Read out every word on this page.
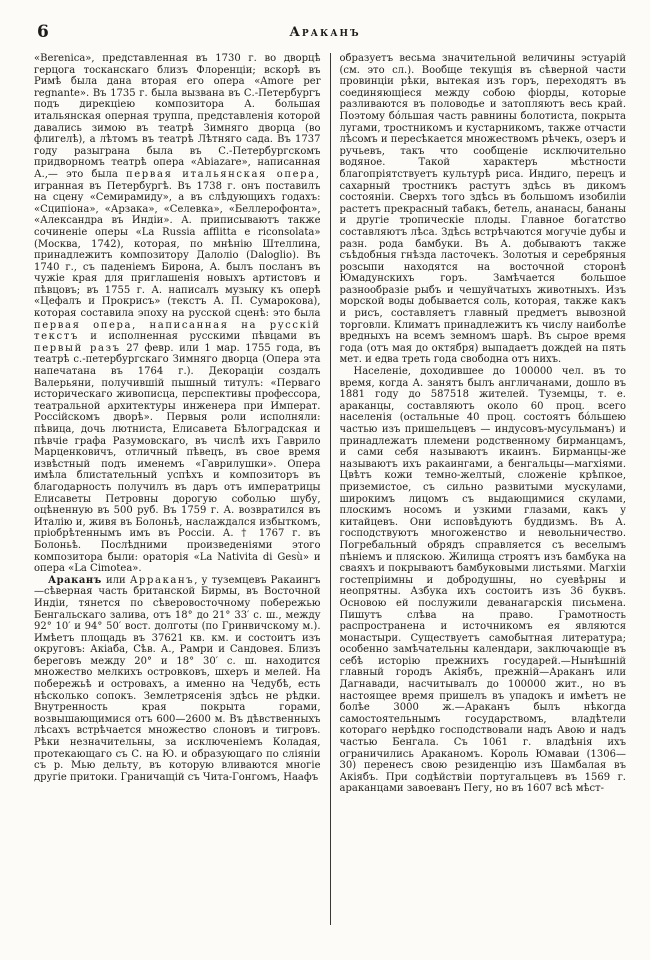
6	Араканъ

«Berenica», представленная въ 1730 г. во дворцѣ герцога тосканскаго близъ Флоренціи; вскорѣ въ Римѣ была дана вторая его опера «Amore per regnante». Въ 1735 г. была вызвана въ С.-Петербургъ подъ дирекціею композитора А. большая итальянская оперная труппа, представленія которой давались зимою въ театрѣ Зимняго дворца (во флигелѣ), а лѣтомъ въ театрѣ Лѣтняго сада. Въ 1737 году разыграна была въ С.-Петербургскомъ придворномъ театрѣ опера «Abiazare», написанная А.,— это была первая итальянская опера, игранная въ Петербургѣ. Въ 1738 г. онъ поставилъ на сцену «Семирамиду», а въ слѣдующихъ годахъ: «Сципіона», «Арзака», «Селевка», «Беллерофонта», «Александра въ Индіи». А. приписываютъ также сочиненіе оперы «La Russia afflitta e riconsolata» (Москва, 1742), которая, по мнѣнію Штеллина, принадлежитъ композитору Далоліо (Daloglio). Въ 1740 г., съ паденіемъ Бирона, А. былъ посланъ въ чужіе края для приглашенія новыхъ артистовъ и пѣвцовъ; въ 1755 г. А. написалъ музыку къ оперѣ «Цефалъ и Прокрисъ» (текстъ А. П. Сумарокова), которая составила эпоху на русской сценѣ: это была первая опера, написанная на русскій текстъ и исполненная русскими пѣвцами въ первый разъ 27 февр. или 1 мар. 1755 года, въ театрѣ с.-петербургскаго Зимняго дворца (Опера эта напечатана въ 1764 г.). Декораціи создалъ Валерьяни, получившій пышный титулъ: «Перваго историческаго живописца, перспективы профессора, театральной архитектуры инженера при Императ. Россійскомъ дворѣ». Первыя роли исполняли: пѣвица, дочь лютниста, Елисавета Бѣлоградская и пѣвчіе графа Разумовскаго, въ числѣ ихъ Гаврило Марценковичъ, отличный пѣвецъ, въ свое время извѣстный подъ именемъ «Гаврилушки». Опера имѣла блистательный успѣхъ и композиторъ въ благодарность получилъ въ даръ отъ императрицы Елисаветы Петровны дорогую соболью шубу, оцѣненную въ 500 руб. Въ 1759 г. А. возвратился въ Италію и, живя въ Болоньѣ, наслаждался избыткомъ, пріобрѣтеннымъ имъ въ Россіи. А. † 1767 г. въ Болоньѣ. Послѣдними произведеніями этого композитора были: ораторія «La Nativita di Gesù» и опера «La Cimotea».

Араканъ или Арраканъ, у туземцевъ Ракаингъ—сѣверная часть британской Бирмы, въ Восточной Индіи, тянется по сѣверовосточному побережью Бенгальскаго залива, отъ 18° до 21° 33′ с. ш., между 92° 10′ и 94° 50′ вост. долготы (по Гринвичскому м.). Имѣетъ площадь въ 37621 кв. км. и состоитъ изъ округовъ: Акіаба, Сѣв. А., Рамри и Сандовея. Близъ береговъ между 20° и 18° 30′ с. ш. находится множество мелкихъ островковъ, шхеръ и мелей. На побережьѣ и островахъ, а именно на Чедубѣ, есть нѣсколько сопокъ. Землетрясенія здѣсь не рѣдки. Внутренность края покрыта горами, возвышающимися отъ 600—2600 м. Въ дѣвственныхъ лѣсахъ встрѣчается множество слоновъ и тигровъ. Рѣки незначительны, за исключеніемъ Коладая, протекающаго съ С. на Ю. и образующаго по сліяніи съ р. Мью дельту, въ которую вливаются многіе другіе притоки. Граничащій съ Чита-Гонгомъ, Наафъ

образуетъ весьма значительной величины эстуарій (см. это сл.). Вообще текущія въ сѣверной части провинціи рѣки, вытекая изъ горъ, переходятъ въ соединяющіеся между собою фіорды, которые разливаются въ половодье и затопляютъ весь край. Поэтому бо́льшая часть равнины болотиста, покрыта лугами, тростникомъ и кустарникомъ, также отчасти лѣсомъ и пересѣкается множествомъ рѣчекъ, озеръ и ручьевъ, такъ что сообщеніе исключительно водяное. Такой характеръ мѣстности благопріятствуетъ культурѣ риса. Индиго, перецъ и сахарный тростникъ растутъ здѣсь въ дикомъ состояніи. Сверхъ того здѣсь въ большомъ изобиліи растетъ прекрасный табакъ, бетель, ананасы, бананы и другіе тропическіе плоды. Главное богатство составляютъ лѣса. Здѣсь встрѣчаются могучіе дубы и разн. рода бамбуки. Въ А. добываютъ также съѣдобныя гнѣзда ласточекъ. Золотыя и серебряныя розсыпи находятся на восточной сторонѣ Юмадунскихъ горъ. Замѣчается большое разнообразіе рыбъ и чешуйчатыхъ животныхъ. Изъ морской воды добывается соль, которая, также какъ и рисъ, составляетъ главный предметъ вывозной торговли. Климатъ принадлежитъ къ числу наиболѣе вредныхъ на всемъ земномъ шарѣ. Въ сырое время года (отъ мая до октября) выпадаетъ дождей на пять мет. и едва треть года свободна отъ нихъ.

Населеніе, доходившее до 100000 чел. въ то время, когда А. занятъ былъ англичанами, дошло въ 1881 году до 587518 жителей. Туземцы, т. е. араканцы, составляютъ около 60 проц. всего населенія (остальные 40 проц. состоятъ бо́льшею частью изъ пришельцевъ — индусовъ-мусульманъ) и принадлежатъ племени родственному бирманцамъ, и сами себя называютъ икаинъ. Бирманцы-же называютъ ихъ ракаингами, а бенгальцы—магхіями. Цвѣтъ кожи темно-желтый, сложеніе крѣпкое, приземистое, съ сильно развитыми мускулами, широкимъ лицомъ съ выдающимися скулами, плоскимъ носомъ и узкими глазами, какъ у китайцевъ. Они исповѣдуютъ буддизмъ. Въ А. господствуютъ многоженство и невольничество. Погребальный обрядъ справляется съ веселымъ пѣніемъ и пляскою. Жилища строятъ изъ бамбука на сваяхъ и покрываютъ бамбуковыми листьями. Магхіи гостепріимны и добродушны, но суевѣрны и неопрятны. Азбука ихъ состоитъ изъ 36 буквъ. Основою ей послужили деванагарскія письмена. Пишутъ слѣва на право. Грамотность распространена и источникомъ ея являются монастыри. Существуетъ самобытная литература; особенно замѣчательны календари, заключающіе въ себѣ исторію прежнихъ государей.—Нынѣшній главный городъ Акіябъ, прежній—Араканъ или Дагнавади, насчитывалъ до 100000 жит., но въ настоящее время пришелъ въ упадокъ и имѣетъ не болѣе 3000 ж.—Араканъ былъ нѣкогда самостоятельнымъ государствомъ, владѣтели котораго нерѣдко господствовали надъ Авою и надъ частью Бенгала. Съ 1061 г. владѣнія ихъ ограничились Араканомъ. Король Юмаваи (1306—30) перенесъ свою резиденцію изъ Шамбалая въ Акіябъ. При содѣйствіи португальцевъ въ 1569 г. араканцами завоеванъ Пегу, но въ 1607 всѣ мѣст-
